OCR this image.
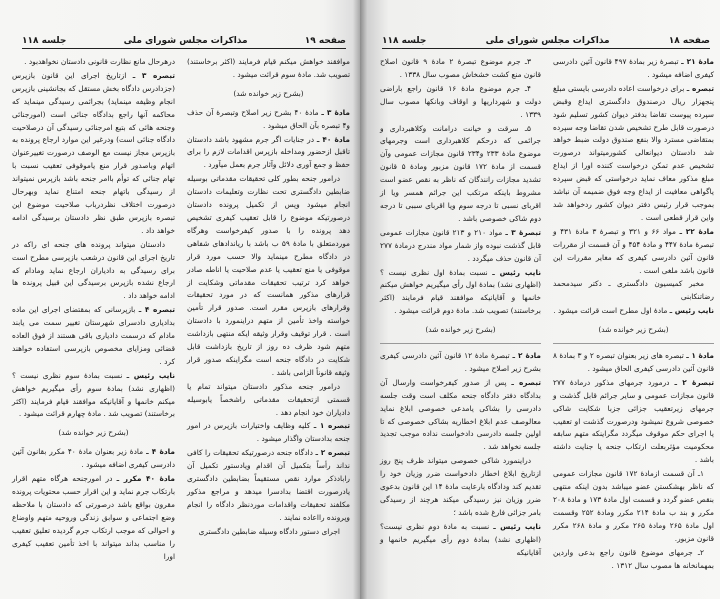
صفحه ۱۹
مذاکرات مجلس شورای ملی
جلسه ۱۱۸

موافقند خواهش میکنم قیام فرمایند (اکثر برخاستند) تصویب شد. مادهٔ سوم قرائت میشود .

(بشرح زیر خوانده شد)

مادهٔ ۳ ـ مادهٔ ۴۰ بشرح زیر اصلاح وتبصرهٔ آن حذف و۴ تبصره بآن الحاق میشود .

مادهٔ ۴۰ ـ در جنایات اگر جرم مشهود باشد دادستان تاقبل ازحضور ومداخله بازپرس اقدامات لازم را برای حفظ و جمع آوری دلائل وآثار جرم بعمل میآورد .

درامور جنحه بطور کلی تحقیقات مقدماتی بوسیله ضابطین دادگستری تحت نظارت وتعلیمات دادستان انجام میشود وپس از تکمیل پرونده دادستان درصورتیکه موضوع را قابل تعقیب کیفری تشخیص دهد پرونده را با صدور کیفرخواست وهرگاه موردمتعلق با مادهٔ ۵۹ ب باشد با ریاندادهای شفاهی در دادگاه مطرح مینماید والا حسب مورد قرار موقوفی یا منع تعقیب یا عدم صلاحیت یا اناطه صادر خواهد کرد ترتیب تحقیقات مقدماتی وشکایت از قرارهای مذکور همانست که در مورد تحقیقات وقرارهای بازپرس مقرر است. صدور قرار تأمین خواسته واخذ تأمین از متهم دراینمورد با دادستان است . قرار توقیف وقرار وثیقه ایکه منتهی بازداشت متهم شود ظرف ده روز از تاریخ بازداشت قابل شکایت در دادگاه جنحه است مگراینکه صدور قرار وثیقه قانوناً الزامی باشد .

درامور جنحه مذکور دادستان میتواند تمام یا قسمتی ازتحقیقات مقدماتی راشخصاً یابوسیله دادیاران خود انجام دهد .

تبصره ۱ ـ کلیه وظایف واختیارات بازپرس در امور جنحه بدادستان واگذار میشود .

تبصره ۲ ـ دادگاه جنحه درصورتیکه تحقیقات را کافی نداند رأساً بتکمیل آن اقدام ویادستور تکمیل آن رابادذکر موارد نقص مستقیماً بضابطین دادگستری یادرصورت اقتضا بدادسرا میدهد و مراجع مذکور مکلفند تحقیقات واقدامات موردنظر دادگاه را انجام وپرونده رااعاده نمایند .

اجرای دستور دادگاه وسیله ضابطین دادگستری

درهرحال مانع نظارت قانونی دادستان نخواهدبود .

تبصره ۳ ـ ازتاریخ اجرای این قانون بازپرس (جزدادرس دادگاه بخش مستقل که بجانشینی بازپرس انجام وظیفه مینماید) بجرائمی رسیدگی مینماید که محاکمه آنها راجع بدادگاه جنائی است (امورجنائی وجنحه هائی که بتبع امرجنائی رسیدگی آن درصلاحیت دادگاه جنائی است) ودرغیر این موارد ارجاع پرونده به بازپرس مجاز نیست مع الوصف درصورت تغییرعنوان اتهام وباصدور قرار منع یاموقوفی تعقیب نسبت با تهام جنائی که توأم باامر جنحه باشد بازپرس نمیتواند از رسیدگی باتهام جنحه امتناع نماید وبهرحال درصورت اختلاف نظردرباب صلاحیت موضوع این تبصره بازپرس طبق نظر دادستان برسیدگی ادامه خواهد داد .

دادستان میتواند پرونده های جنحه ای راکه در تاریخ اجرای این قانون درشعب بازپرسی مطرح است برای رسیدگی به دادیاران ارجاع نماید ومادام که ارجاع نشده بازپرس برسیدگی این قبیل پرونده ها ادامه خواهد داد .

تبصره ۴ ـ بازپرسانی که بمقتضای اجرای این ماده بدادیاری دادسرای شهرستان تغییر سمت می یابند مادام که درسمت دادیاری باقی هستند از فوق العاده قضائی ومزایای مخصوص بازپرسی استفاده خواهند کرد .

نایب رئیس ـ نسبت بمادهٔ سوم نظری نیست ؟ (اظهاری نشد) بمادهٔ سوم رأی میگیریم خواهش میکنم خانمها و آقایانیکه موافقند قیام فرمایند (اکثر برخاستند) تصویب شد . مادهٔ چهارم قرائت میشود .

(بشرح زیر خوانده شد)

مادهٔ ۴ ـ مادهٔ زیر بعنوان مادهٔ ۴۰ مکرر بقانون آئین دادرسی کیفری اضافه میشود .

مادهٔ ۴۰ مکرر ـ در امورجنحه هرگاه متهم اقرار بارتکاب جرم نماید و این اقرار حسب محتویات پرونده مقرون بواقع باشد درصورتی که دادستان با ملاحظه وضع اجتماعی و سوابق زندگی وروحیه متهم واوضاع و احوالی که موجب ارتکاب جرم گردیده تعلیق تعقیب را مناسب بداند میتواند با اخذ تأمین تعقیب کیفری اورا

صفحه ۱۸
مذاکرات مجلس شورای ملی
جلسه ۱۱۸

مادهٔ ۲۱ ـ تبصرهٔ زیر بمادهٔ ۴۹۷ قانون آئین دادرسی کیفری اضافه میشود .

تبصره ـ برای درخواست اعاده دادرسی بایستی مبلغ پنجهزار ریال درصندوق دادگستری ایداع وقبض سپرده پیوست تقاضا بدفتر دیوان کشور تسلیم شود درصورت قابل طرح تشخیص شدن تقاضا وجه سپرده بمتقاضی مسترد والا بنفع صندوق دولت ضبط خواهد شد دادستان دیوانعالی کشورمیتواند درصورت تشخیص عدم تمکن درخواست کننده اورا از ایداع مبلغ مذکور معاف نماید درخواستی که قبض سپرده یاگواهی معافیت از ایداع وجه فوق ضمیمه آن نباشد بموجب قرار رئیس دفتر دیوان کشور ردخواهد شد واین قرار قطعی است .

مادهٔ ۲۲ ـ مواد ۶۶ و ۳۲۱ و تبصرهٔ ۳ مادهٔ ۴۳۱ و تبصرهٔ مادهٔ ۴۴۷ و مادهٔ ۴۵۴ و آن قسمت از مقررات قانون آئین دادرسی کیفری که مغایر مقررات این قانون باشد ملغی است .

مخبر کمیسیون دادگستری ـ دکتر سیدمحمد رضاتنکابنی

نایب رئیس ـ مادهٔ اول مطرح است قرائت میشود .

(بشرح زیر خوانده شد)

مادهٔ ۱ ـ تبصره های زیر بعنوان تبصره ۲ و ۳ بمادهٔ ۸ قانون آئین دادرسی کیفری الحاق میشود .

تبصرهٔ ۲ ـ درمورد جرمهای مذکور درمادهٔ ۲۷۷ قانون مجازات عمومی و سایر جرائم قابل گذشت و جرمهای زیرتعقیب جزائی جزبا شکایت شاکی خصوصی شروع نمیشود ودرصورت گذشت او تعقیب یا اجرای حکم موقوف میگردد مگراینکه متهم سابقه محکومیت مؤثربعلت ارتکاب جنحه یا جنایت داشته باشد .

۱ـ آن قسمت ازمادهٔ ۱۷۲ قانون مجازات عمومی که ناظر بهشکستن عضو میباشد بدون اینکه منتهی بنقص عضو گردد و قسمت اول مادهٔ ۱۷۳ و مادهٔ ۲۰۸ مکرر و بند ب مادهٔ ۲۱۴ مکرر ومادهٔ ۲۵۲ وقسمت اول مادهٔ ۲۶۵ ومادهٔ ۲۶۵ مکرر و مادهٔ ۲۶۸ مکرر قانون مزبور.

۲ـ جرمهای موضوع قانون راجع بدعی واردین بمهمانخانه ها مصوب سال ۱۳۱۲ .

۳ـ جرم موضوع تبصرهٔ ۲ مادهٔ ۹ قانون اصلاح قانون منع کشت خشخاش مصوب سال ۱۳۳۸ .

۴ـ جرم موضوع مادهٔ ۱۶ قانون راجع باراضی دولت و شهرداریها و اوقاف وبانکها مصوب سال ۱۳۳۹ .

۵ـ سرقت و خیانت درامانت وکلاهبرداری و جرائمی که درحکم کلاهبرداری است وجرمهای موضوع مادهٔ ۲۳۳ و۲۳۴ قانون مجازات عمومی وآن قسمت از مادهٔ ۱۷۲ قانون مزبور ومادهٔ ۵ قانون تشدید مجازات رانندگان که ناظر به نقص عضو است مشروط باینکه مرتکب این جرائم همسر ویا از اقربای نسبی تا درجه سوم ویا اقربای سببی تا درجه دوم شاکی خصوصی باشد .

تبصرهٔ ۳ ـ مواد ۲۱۰ و ۲۱۳ قانون مجازات عمومی قابل گذشت نبوده واز شمار مواد مندرج درمادهٔ ۲۷۷ آن قانون حذف میگردد .

نایب رئیس ـ نسبت بمادهٔ اول نظری نیست ؟ (اظهاری نشد) بمادهٔ اول رأی میگیریم خواهش میکنم خانمها و آقایانیکه موافقند قیام فرمایند (اکثر برخاستند) تصویب شد. مادهٔ دوم قرائت میشود .

(بشرح زیر خوانده شد)

مادهٔ ۲ ـ تبصرهٔ مادهٔ ۱۲ قانون آئین دادرسی کیفری بشرح زیر اصلاح میشود .

تبصره ـ پس از صدور کیفرخواست وارسال آن بدادگاه دفتر دادگاه جنحه مکلف است وقت جلسه دادرسی را بشاکی یامدعی خصوصی ابلاغ نماید معالوصف عدم ابلاغ اخطاریه بشاکی خصوصی که تا اولین جلسه دادرسی دادخواست نداده موجب تجدید جلسه نخواهد شد .

دراینمورد شاکی خصوصی میتواند ظرف پنج روز ازتاریخ ابلاغ اخطار دادخواست ضرر وزیان خود را تقدیم کند ودادگاه بارعایت مادهٔ ۱۴ این قانون بدعوی ضرر وزیان نیز رسیدگی میکند هرچند از رسیدگی بامر جزائی فارغ شده باشد ؛

نایب رئیس ـ نسبت به مادهٔ دوم نظری نیست؟ (اظهاری نشد) بمادهٔ دوم رأی میگیریم خانمها و آقایانیکه
